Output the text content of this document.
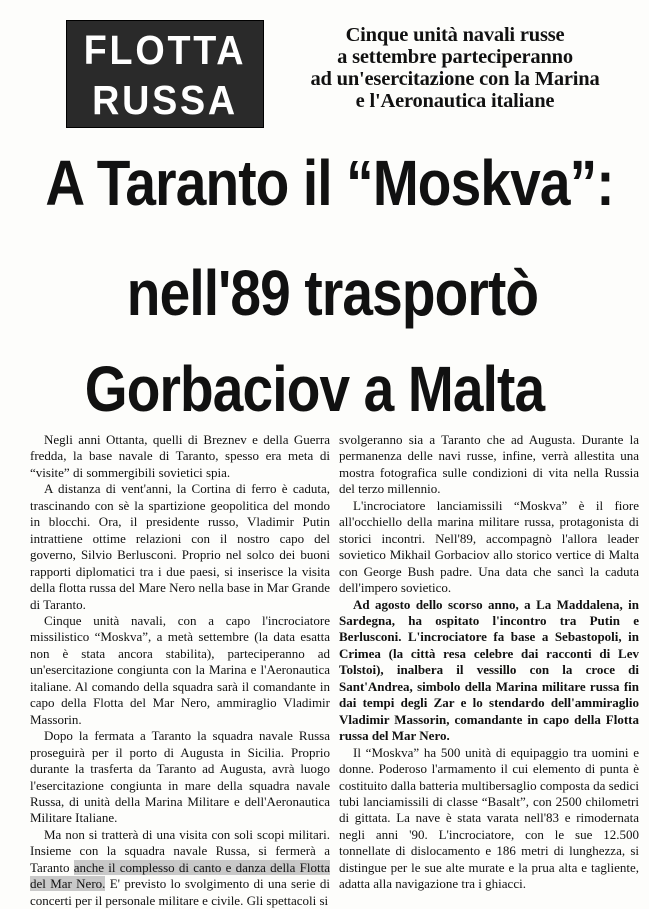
FLOTTA
RUSSA
Cinque unità navali russe
a settembre parteciperanno
ad un'esercitazione con la Marina
e l'Aeronautica italiane
A Taranto il “Moskva”:
nell'89 trasportò
Gorbaciov a Malta

Negli anni Ottanta, quelli di Breznev e della Guerra fredda, la base navale di Taranto, spesso era meta di “visite” di sommergibili sovietici spia.

A distanza di vent'anni, la Cortina di ferro è caduta, trascinando con sè la spartizione geopolitica del mondo in blocchi. Ora, il presidente russo, Vladimir Putin intrattiene ottime relazioni con il nostro capo del governo, Silvio Berlusconi. Proprio nel solco dei buoni rapporti diplomatici tra i due paesi, si inserisce la visita della flotta russa del Mare Nero nella base in Mar Grande di Taranto.

Cinque unità navali, con a capo l'incrociatore missilistico “Moskva”, a metà settembre (la data esatta non è stata ancora stabilita), parteciperanno ad un'esercitazione congiunta con la Marina e l'Aeronautica italiane. Al comando della squadra sarà il comandante in capo della Flotta del Mar Nero, ammiraglio Vladimir Massorin.

Dopo la fermata a Taranto la squadra navale Russa proseguirà per il porto di Augusta in Sicilia. Proprio durante la trasferta da Taranto ad Augusta, avrà luogo l'esercitazione congiunta in mare della squadra navale Russa, di unità della Marina Militare e dell'Aeronautica Militare Italiane.

Ma non si tratterà di una visita con soli scopi militari. Insieme con la squadra navale Russa, si fermerà a Taranto anche il complesso di canto e danza della Flotta del Mar Nero. E' previsto lo svolgimento di una serie di concerti per il personale militare e civile. Gli spettacoli si

svolgeranno sia a Taranto che ad Augusta. Durante la permanenza delle navi russe, infine, verrà allestita una mostra fotografica sulle condizioni di vita nella Russia del terzo millennio.

L'incrociatore lanciamissili “Moskva” è il fiore all'occhiello della marina militare russa, protagonista di storici incontri. Nell'89, accompagnò l'allora leader sovietico Mikhail Gorbaciov allo storico vertice di Malta con George Bush padre. Una data che sancì la caduta dell'impero sovietico.

Ad agosto dello scorso anno, a La Maddalena, in Sardegna, ha ospitato l'incontro tra Putin e Berlusconi. L'incrociatore fa base a Sebastopoli, in Crimea (la città resa celebre dai racconti di Lev Tolstoi), inalbera il vessillo con la croce di Sant'Andrea, simbolo della Marina militare russa fin dai tempi degli Zar e lo stendardo dell'ammiraglio Vladimir Massorin, comandante in capo della Flotta russa del Mar Nero.

Il “Moskva” ha 500 unità di equipaggio tra uomini e donne. Poderoso l'armamento il cui elemento di punta è costituito dalla batteria multibersaglio composta da sedici tubi lanciamissili di classe “Basalt”, con 2500 chilometri di gittata. La nave è stata varata nell'83 e rimodernata negli anni '90. L'incrociatore, con le sue 12.500 tonnellate di dislocamento e 186 metri di lunghezza, si distingue per le sue alte murate e la prua alta e tagliente, adatta alla navigazione tra i ghiacci.
